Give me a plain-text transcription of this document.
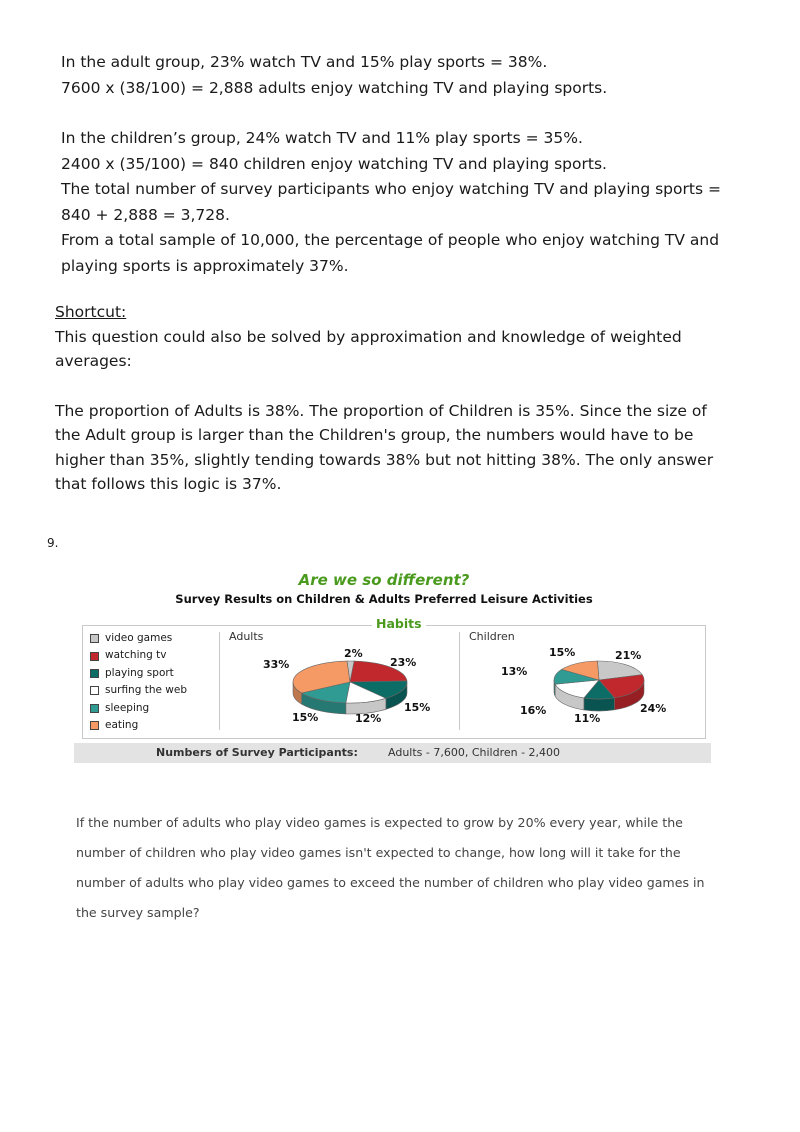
In the adult group, 23% watch TV and 15% play sports = 38%.

7600 x (38/100) = 2,888 adults enjoy watching TV and playing sports.

In the children’s group, 24% watch TV and 11% play sports = 35%.

2400 x (35/100) = 840 children enjoy watching TV and playing sports.

The total number of survey participants who enjoy watching TV and playing sports =

840 + 2,888 = 3,728.

From a total sample of 10,000, the percentage of people who enjoy watching TV and

playing sports is approximately 37%.

Shortcut:

This question could also be solved by approximation and knowledge of weighted

averages:

The proportion of Adults is 38%. The proportion of Children is 35%. Since the size of

the Adult group is larger than the Children's group, the numbers would have to be

higher than 35%, slightly tending towards 38% but not hitting 38%. The only answer

that follows this logic is 37%.

9.
Are we so different?
Survey Results on Children & Adults Preferred Leisure Activities
Habits
video games
watching tv
playing sport
surfing the web
sleeping
eating
Adults	Children
2%
23%
15%
12%
15%
33%
21%
24%
11%
16%
13%
15%
Numbers of Survey Participants:	Adults - 7,600, Children - 2,400
If the number of adults who play video games is expected to grow by 20% every year, while the number of children who play video games isn't expected to change, how long will it take for the number of adults who play video games to exceed the number of children who play video games in the survey sample?
